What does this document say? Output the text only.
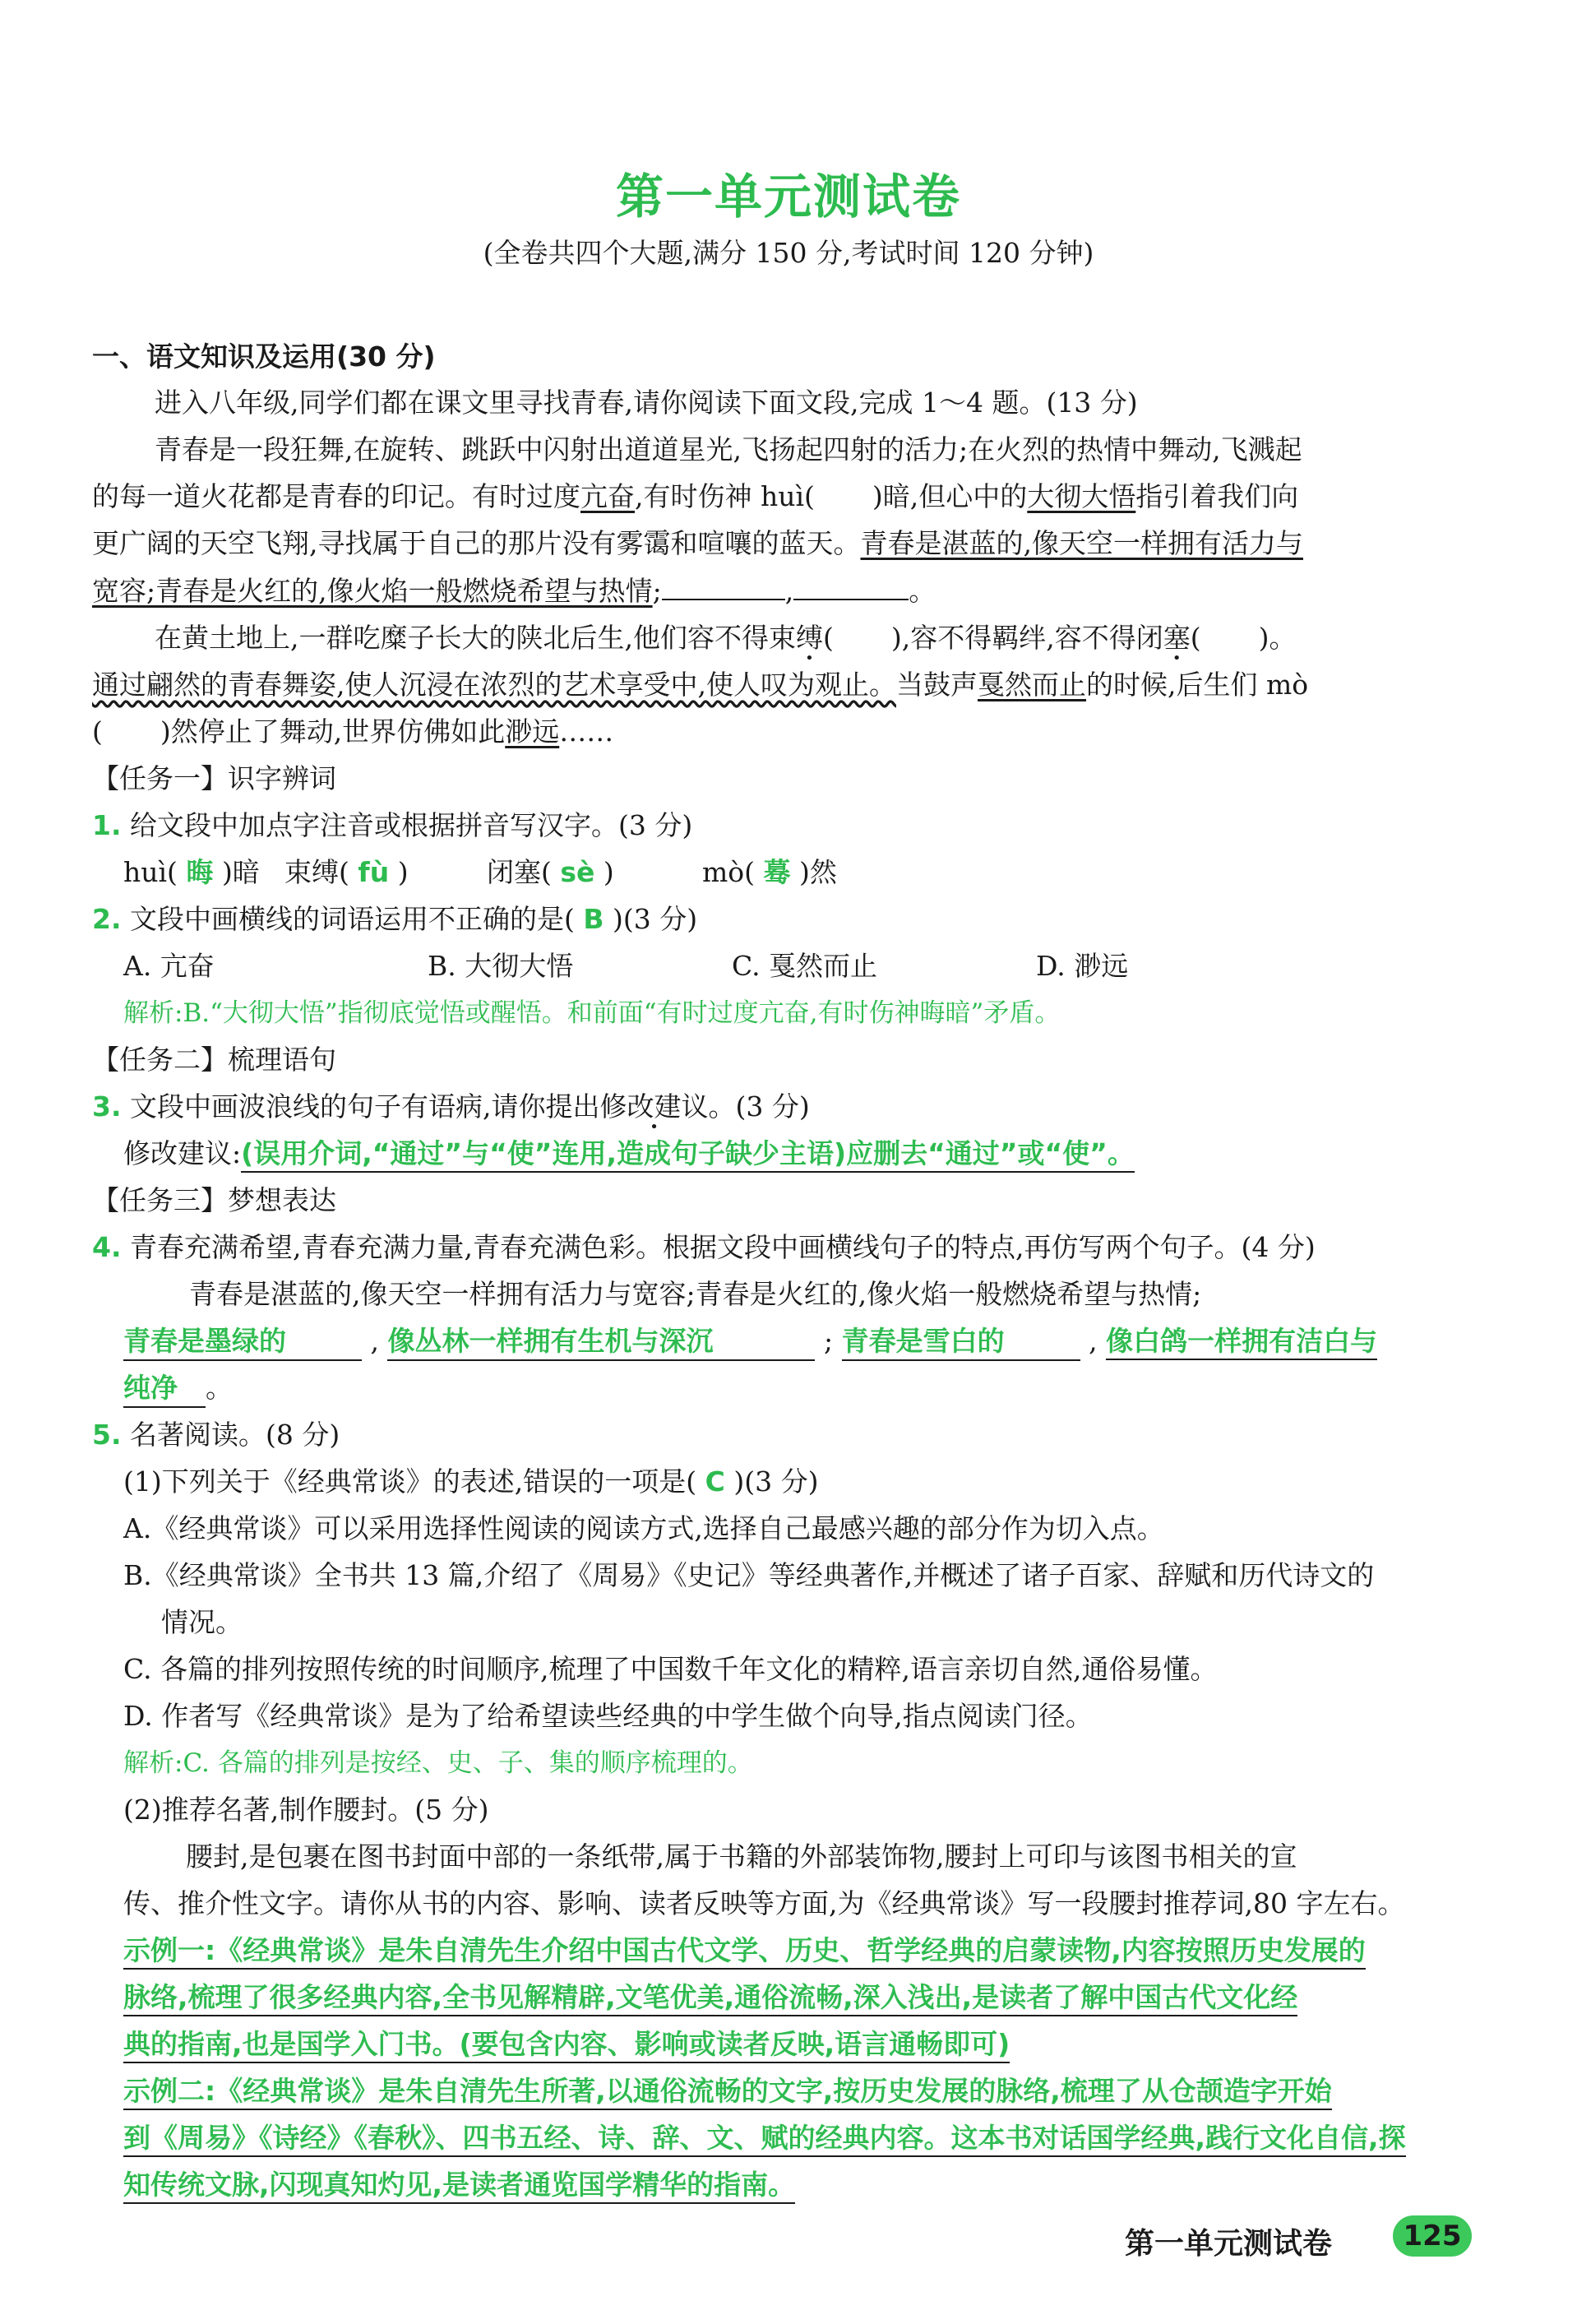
第一单元测试卷
(全卷共四个大题,满分 150 分,考试时间 120 分钟)
一、语文知识及运用(30 分)
进入八年级,同学们都在课文里寻找青春,请你阅读下面文段,完成 1～4 题。(13 分)
青春是一段狂舞,在旋转、跳跃中闪射出道道星光,飞扬起四射的活力;在火烈的热情中舞动,飞溅起
的每一道火花都是青春的印记。有时过度亢奋,有时伤神 huì( )暗,但心中的大彻大悟指引着我们向
更广阔的天空飞翔,寻找属于自己的那片没有雾霭和喧嚷的蓝天。青春是湛蓝的,像天空一样拥有活力与
宽容;青春是火红的,像火焰一般燃烧希望与热情;	,	。
在黄土地上,一群吃糜子长大的陕北后生,他们容不得束缚( ),容不得羁绊,容不得闭塞( )。
通过翩然的青春舞姿,使人沉浸在浓烈的艺术享受中,使人叹为观止。当鼓声戛然而止的时候,后生们 mò
( )然停止了舞动,世界仿佛如此渺远……
【任务一】识字辨词
1. 给文段中加点字注音或根据拼音写汉字。(3 分)
huì( 晦 )暗 束缚( fù )	闭塞( sè )	mò( 蓦 )然
2. 文段中画横线的词语运用不正确的是( B )(3 分)
A. 亢奋	B. 大彻大悟	C. 戛然而止	D. 渺远
解析:B.“大彻大悟”指彻底觉悟或醒悟。和前面“有时过度亢奋,有时伤神晦暗”矛盾。
【任务二】梳理语句
3. 文段中画波浪线的句子有语病,请你提出修改建议。(3 分)
修改建议:(误用介词,“通过”与“使”连用,造成句子缺少主语)应删去“通过”或“使”。
【任务三】梦想表达
4. 青春充满希望,青春充满力量,青春充满色彩。根据文段中画横线句子的特点,再仿写两个句子。(4 分)
青春是湛蓝的,像天空一样拥有活力与宽容;青春是火红的,像火焰一般燃烧希望与热情;
青春是墨绿的	, 像丛林一样拥有生机与深沉	; 青春是雪白的	, 像白鸽一样拥有洁白与
纯净 。
5. 名著阅读。(8 分)
(1)下列关于《经典常谈》的表述,错误的一项是( C )(3 分)
A.《经典常谈》可以采用选择性阅读的阅读方式,选择自己最感兴趣的部分作为切入点。
B.《经典常谈》全书共 13 篇,介绍了《周易》《史记》等经典著作,并概述了诸子百家、辞赋和历代诗文的
情况。
C. 各篇的排列按照传统的时间顺序,梳理了中国数千年文化的精粹,语言亲切自然,通俗易懂。
D. 作者写《经典常谈》是为了给希望读些经典的中学生做个向导,指点阅读门径。
解析:C. 各篇的排列是按经、史、子、集的顺序梳理的。
(2)推荐名著,制作腰封。(5 分)
腰封,是包裹在图书封面中部的一条纸带,属于书籍的外部装饰物,腰封上可印与该图书相关的宣
传、推介性文字。请你从书的内容、影响、读者反映等方面,为《经典常谈》写一段腰封推荐词,80 字左右。
示例一:《经典常谈》是朱自清先生介绍中国古代文学、历史、哲学经典的启蒙读物,内容按照历史发展的
脉络,梳理了很多经典内容,全书见解精辟,文笔优美,通俗流畅,深入浅出,是读者了解中国古代文化经
典的指南,也是国学入门书。(要包含内容、影响或读者反映,语言通畅即可)
示例二:《经典常谈》是朱自清先生所著,以通俗流畅的文字,按历史发展的脉络,梳理了从仓颉造字开始
到《周易》《诗经》《春秋》、四书五经、诗、辞、文、赋的经典内容。这本书对话国学经典,践行文化自信,探
知传统文脉,闪现真知灼见,是读者通览国学精华的指南。
第一单元测试卷	125
